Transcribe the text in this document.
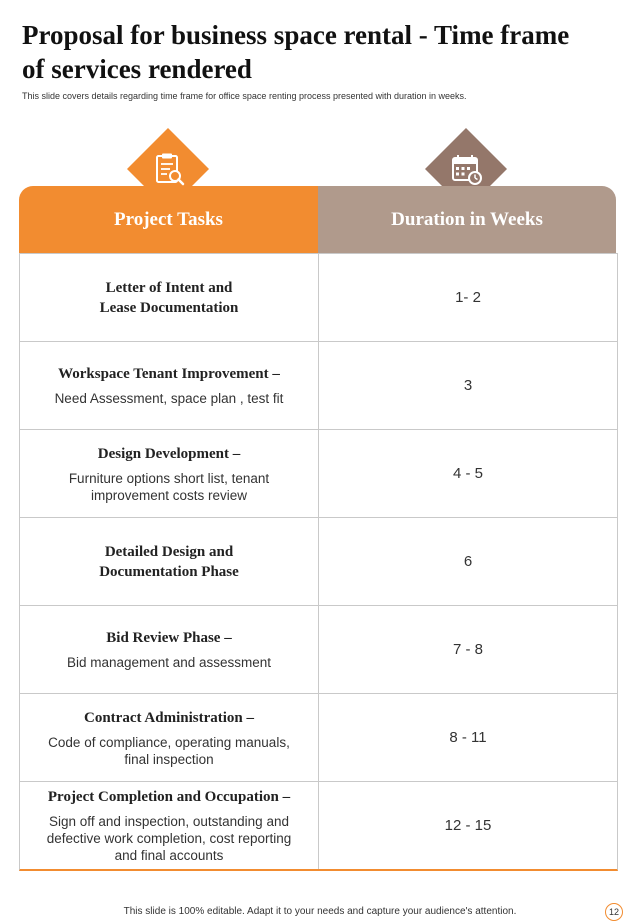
Proposal for business space rental - Time frame
of services rendered

This slide covers details regarding time frame for office space renting process presented with duration in weeks.

Project Tasks	Duration in Weeks
Letter of Intent and
Lease Documentation
1- 2
Workspace Tenant Improvement –
Need Assessment, space plan , test fit
3
Design Development –
Furniture options short list, tenant
improvement costs review
4 - 5
Detailed Design and
Documentation Phase
6
Bid Review Phase –
Bid management and assessment
7 - 8
Contract Administration –
Code of compliance, operating manuals,
final inspection
8 - 11
Project Completion and Occupation –
Sign off and inspection, outstanding and
defective work completion, cost reporting
and final accounts
12 - 15
This slide is 100% editable. Adapt it to your needs and capture your audience's attention.	12
